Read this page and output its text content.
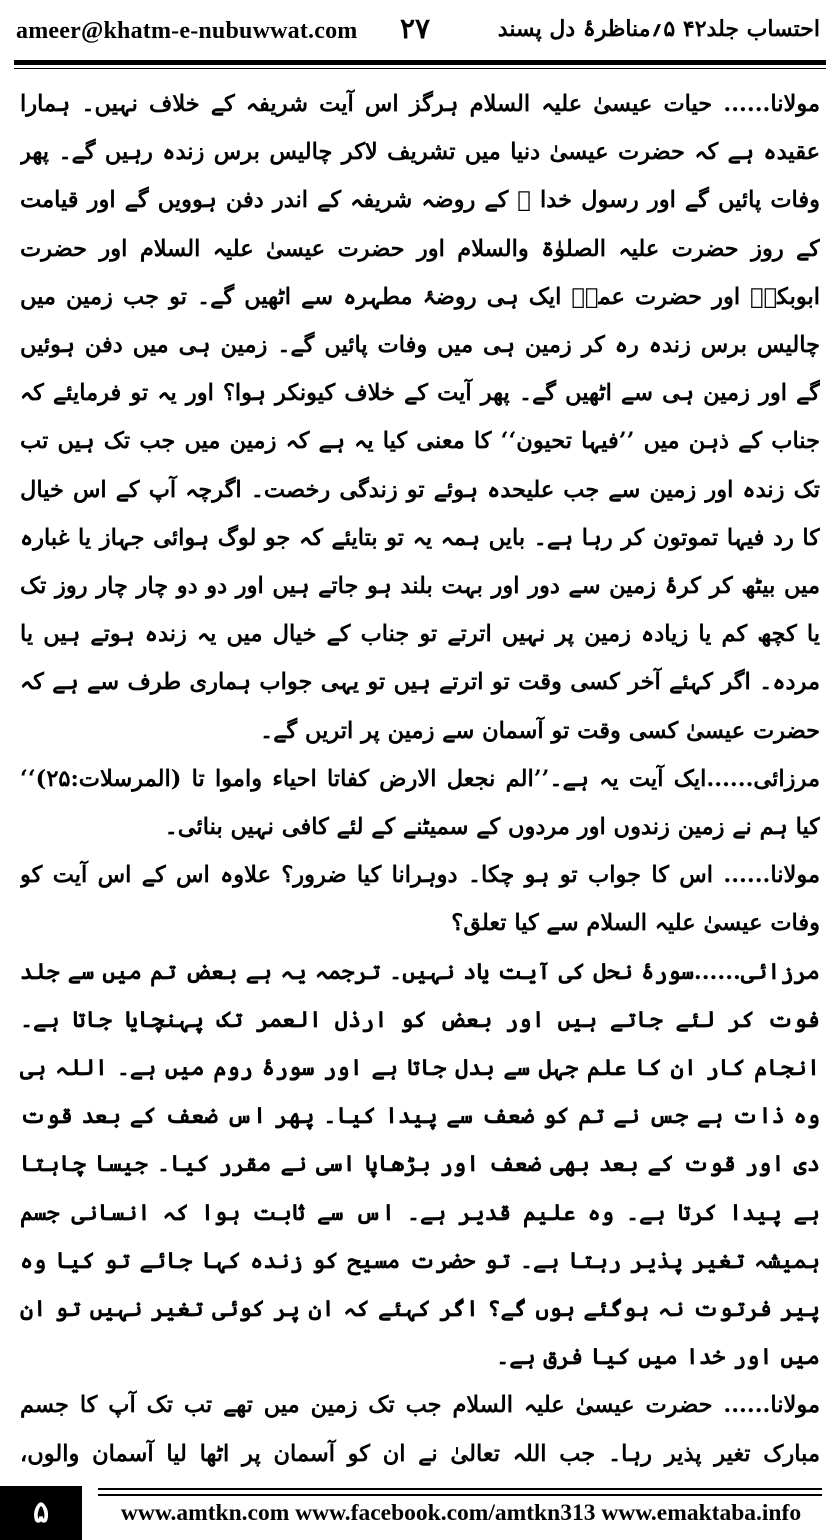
ameer@khatm-e-nubuwwat.com ۲۷	احتساب جلد۴۲ ۵؍مناظرۂ دل پسند

مولانا...... حیات عیسیٰ علیہ السلام ہرگز اس آیت شریفہ کے خلاف نہیں۔ ہمارا عقیدہ ہے کہ حضرت عیسیٰ دنیا میں تشریف لاکر چالیس برس زندہ رہیں گے۔ پھر وفات پائیں گے اور رسول خدا ﷺ کے روضہ شریفہ کے اندر دفن ہوویں گے اور قیامت کے روز حضرت علیہ الصلوٰۃ والسلام اور حضرت عیسیٰ علیہ السلام اور حضرت ابوبکرؓ اور حضرت عمرؓ ایک ہی روضۂ مطہرہ سے اٹھیں گے۔ تو جب زمین میں چالیس برس زندہ رہ کر زمین ہی میں وفات پائیں گے۔ زمین ہی میں دفن ہوئیں گے اور زمین ہی سے اٹھیں گے۔ پھر آیت کے خلاف کیونکر ہوا؟ اور یہ تو فرمایئے کہ جناب کے ذہن میں ’’فیہا تحیون‘‘ کا معنی کیا یہ ہے کہ زمین میں جب تک ہیں تب تک زندہ اور زمین سے جب علیحدہ ہوئے تو زندگی رخصت۔ اگرچہ آپ کے اس خیال کا رد فیہا تموتون کر رہا ہے۔ بایں ہمہ یہ تو بتایئے کہ جو لوگ ہوائی جہاز یا غبارہ میں بیٹھ کر کرۂ زمین سے دور اور بہت بلند ہو جاتے ہیں اور دو دو چار چار روز تک یا کچھ کم یا زیادہ زمین پر نہیں اترتے تو جناب کے خیال میں یہ زندہ ہوتے ہیں یا مردہ۔ اگر کہئے آخر کسی وقت تو اترتے ہیں تو یہی جواب ہماری طرف سے ہے کہ حضرت عیسیٰ کسی وقت تو آسمان سے زمین پر اتریں گے۔

مرزائی......ایک آیت یہ ہے۔’’الم نجعل الارض کفاتا احیاء واموا تا (المرسلات:۲۵)‘‘ کیا ہم نے زمین زندوں اور مردوں کے سمیٹنے کے لئے کافی نہیں بنائی۔

مولانا...... اس کا جواب تو ہو چکا۔ دوہرانا کیا ضرور؟ علاوہ اس کے اس آیت کو وفات عیسیٰ علیہ السلام سے کیا تعلق؟

مرزائی......سورۂ نحل کی آیت یاد نہیں۔ ترجمہ یہ ہے بعض تم میں سے جلد فوت کر لئے جاتے ہیں اور بعض کو ارذل العمر تک پہنچایا جاتا ہے۔ انجام کار ان کا علم جہل سے بدل جاتا ہے اور سورۂ روم میں ہے۔ اللہ ہی وہ ذات ہے جس نے تم کو ضعف سے پیدا کیا۔ پھر اس ضعف کے بعد قوت دی اور قوت کے بعد بھی ضعف اور بڑھاپا اسی نے مقرر کیا۔ جیسا چاہتا ہے پیدا کرتا ہے۔ وہ علیم قدیر ہے۔ اس سے ثابت ہوا کہ انسانی جسم ہمیشہ تغیر پذیر رہتا ہے۔ تو حضرت مسیح کو زندہ کہا جائے تو کیا وہ پیر فرتوت نہ ہوگئے ہوں گے؟ اگر کہئے کہ ان پر کوئی تغیر نہیں تو ان میں اور خدا میں کیا فرق ہے۔

مولانا...... حضرت عیسیٰ علیہ السلام جب تک زمین میں تھے تب تک آپ کا جسم مبارک تغیر پذیر رہا۔ جب اللہ تعالیٰ نے ان کو آسمان پر اٹھا لیا آسمان والوں،

۵	www.amtkn.com www.facebook.com/amtkn313 www.emaktaba.info
